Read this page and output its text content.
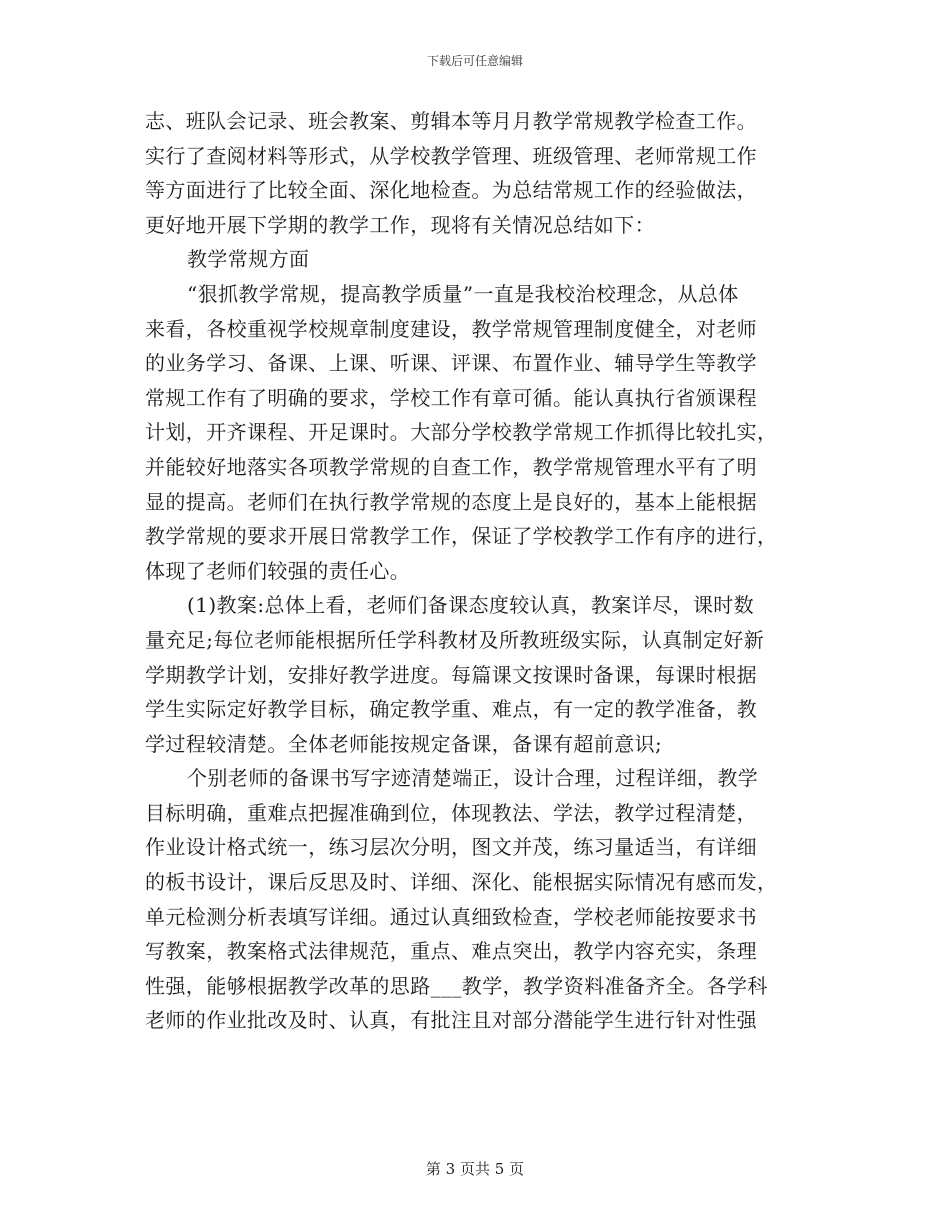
下载后可任意编辑
志、班队会记录、班会教案、剪辑本等月月教学常规教学检查工作。
实行了查阅材料等形式，从学校教学管理、班级管理、老师常规工作
等方面进行了比较全面、深化地检查。为总结常规工作的经验做法，
更好地开展下学期的教学工作，现将有关情况总结如下：
教学常规方面
“狠抓教学常规，提高教学质量”一直是我校治校理念，从总体
来看，各校重视学校规章制度建设，教学常规管理制度健全，对老师
的业务学习、备课、上课、听课、评课、布置作业、辅导学生等教学
常规工作有了明确的要求，学校工作有章可循。能认真执行省颁课程
计划，开齐课程、开足课时。大部分学校教学常规工作抓得比较扎实，
并能较好地落实各项教学常规的自查工作，教学常规管理水平有了明
显的提高。老师们在执行教学常规的态度上是良好的，基本上能根据
教学常规的要求开展日常教学工作，保证了学校教学工作有序的进行，
体现了老师们较强的责任心。
(1)教案:总体上看，老师们备课态度较认真，教案详尽，课时数
量充足;每位老师能根据所任学科教材及所教班级实际，认真制定好新
学期教学计划，安排好教学进度。每篇课文按课时备课，每课时根据
学生实际定好教学目标，确定教学重、难点，有一定的教学准备，教
学过程较清楚。全体老师能按规定备课，备课有超前意识;
个别老师的备课书写字迹清楚端正，设计合理，过程详细，教学
目标明确，重难点把握准确到位，体现教法、学法，教学过程清楚，
作业设计格式统一，练习层次分明，图文并茂，练习量适当，有详细
的板书设计，课后反思及时、详细、深化、能根据实际情况有感而发，
单元检测分析表填写详细。通过认真细致检查，学校老师能按要求书
写教案，教案格式法律规范，重点、难点突出，教学内容充实，条理
性强，能够根据教学改革的思路___教学，教学资料准备齐全。各学科
老师的作业批改及时、认真，有批注且对部分潜能学生进行针对性强
第 3 页共 5 页
